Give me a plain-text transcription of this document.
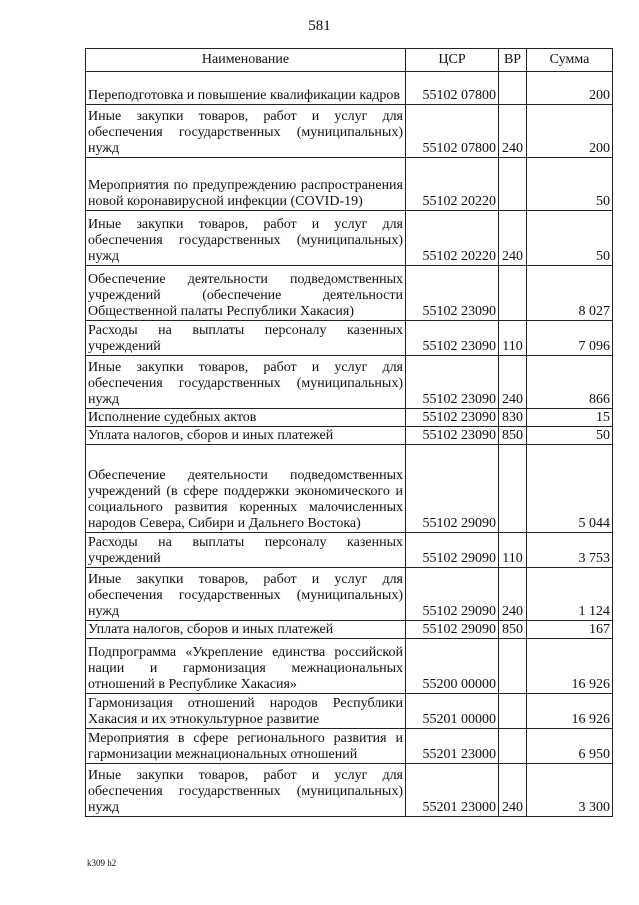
581
Наименование	ЦСР	ВР	Сумма
Переподготовка и повышение квалификации кадров	55102 07800		200
Иные закупки товаров, работ и услуг для обеспечения государственных (муниципальных) нужд	55102 07800	240	200
Мероприятия по предупреждению распространения новой коронавирусной инфекции (COVID-19)	55102 20220		50
Иные закупки товаров, работ и услуг для обеспечения государственных (муниципальных) нужд	55102 20220	240	50
Обеспечение деятельности подведомственных учреждений (обеспечение деятельности Общественной палаты Республики Хакасия)	55102 23090		8 027
Расходы на выплаты персоналу казенных учреждений	55102 23090	110	7 096
Иные закупки товаров, работ и услуг для обеспечения государственных (муниципальных) нужд	55102 23090	240	866
Исполнение судебных актов	55102 23090	830	15
Уплата налогов, сборов и иных платежей	55102 23090	850	50
Обеспечение деятельности подведомственных учреждений (в сфере поддержки экономического и социального развития коренных малочисленных народов Севера, Сибири и Дальнего Востока)	55102 29090		5 044
Расходы на выплаты персоналу казенных учреждений	55102 29090	110	3 753
Иные закупки товаров, работ и услуг для обеспечения государственных (муниципальных) нужд	55102 29090	240	1 124
Уплата налогов, сборов и иных платежей	55102 29090	850	167
Подпрограмма «Укрепление единства российской нации и гармонизация межнациональных отношений в Республике Хакасия»	55200 00000		16 926
Гармонизация отношений народов Республики Хакасия и их этнокультурное развитие	55201 00000		16 926
Мероприятия в сфере регионального развития и гармонизации межнациональных отношений	55201 23000		6 950
Иные закупки товаров, работ и услуг для обеспечения государственных (муниципальных) нужд	55201 23000	240	3 300
k309 h2
